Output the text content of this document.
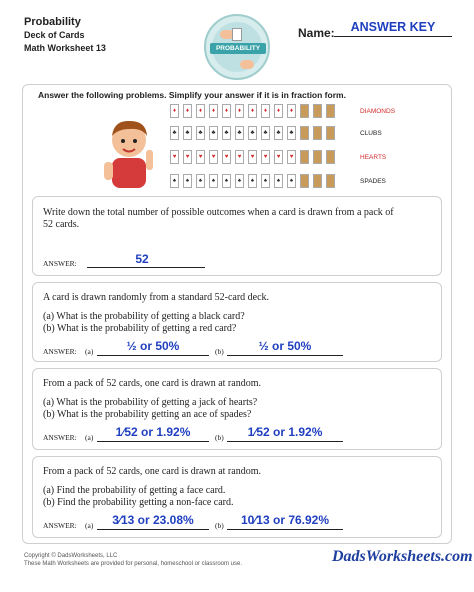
Probability
Deck of Cards
Math Worksheet 13	PROBABILITY
Name:	ANSWER KEY
Answer the following problems. Simplify your answer if it is in fraction form.
♦	♦	♦	♦	♦	♦	♦	♦	♦	♦	DIAMONDS
♣	♣	♣	♣	♣	♣	♣	♣	♣	♣	CLUBS
♥	♥	♥	♥	♥	♥	♥	♥	♥	♥	HEARTS
♠	♠	♠	♠	♠	♠	♠	♠	♠	♠	SPADES
Write down the total number of possible outcomes when a card is drawn from a pack of
52 cards.
ANSWER:	52
A card is drawn randomly from a standard 52-card deck.
(a) What is the probability of getting a black card?
(b) What is the probability of getting a red card?
ANSWER: (a)	½ or 50%	(b)	½ or 50%
From a pack of 52 cards, one card is drawn at random.
(a) What is the probability of getting a jack of hearts?
(b) What is the probability getting an ace of spades?
ANSWER: (a)	1⁄52 or 1.92%	(b)	1⁄52 or 1.92%
From a pack of 52 cards, one card is drawn at random.
(a) Find the probability of getting a face card.
(b) Find the probability getting a non-face card.
ANSWER: (a)	3⁄13 or 23.08%	(b)	10⁄13 or 76.92%
Copyright © DadsWorksheets, LLC
These Math Worksheets are provided for personal, homeschool or classroom use.	DadsWorksheets.com
